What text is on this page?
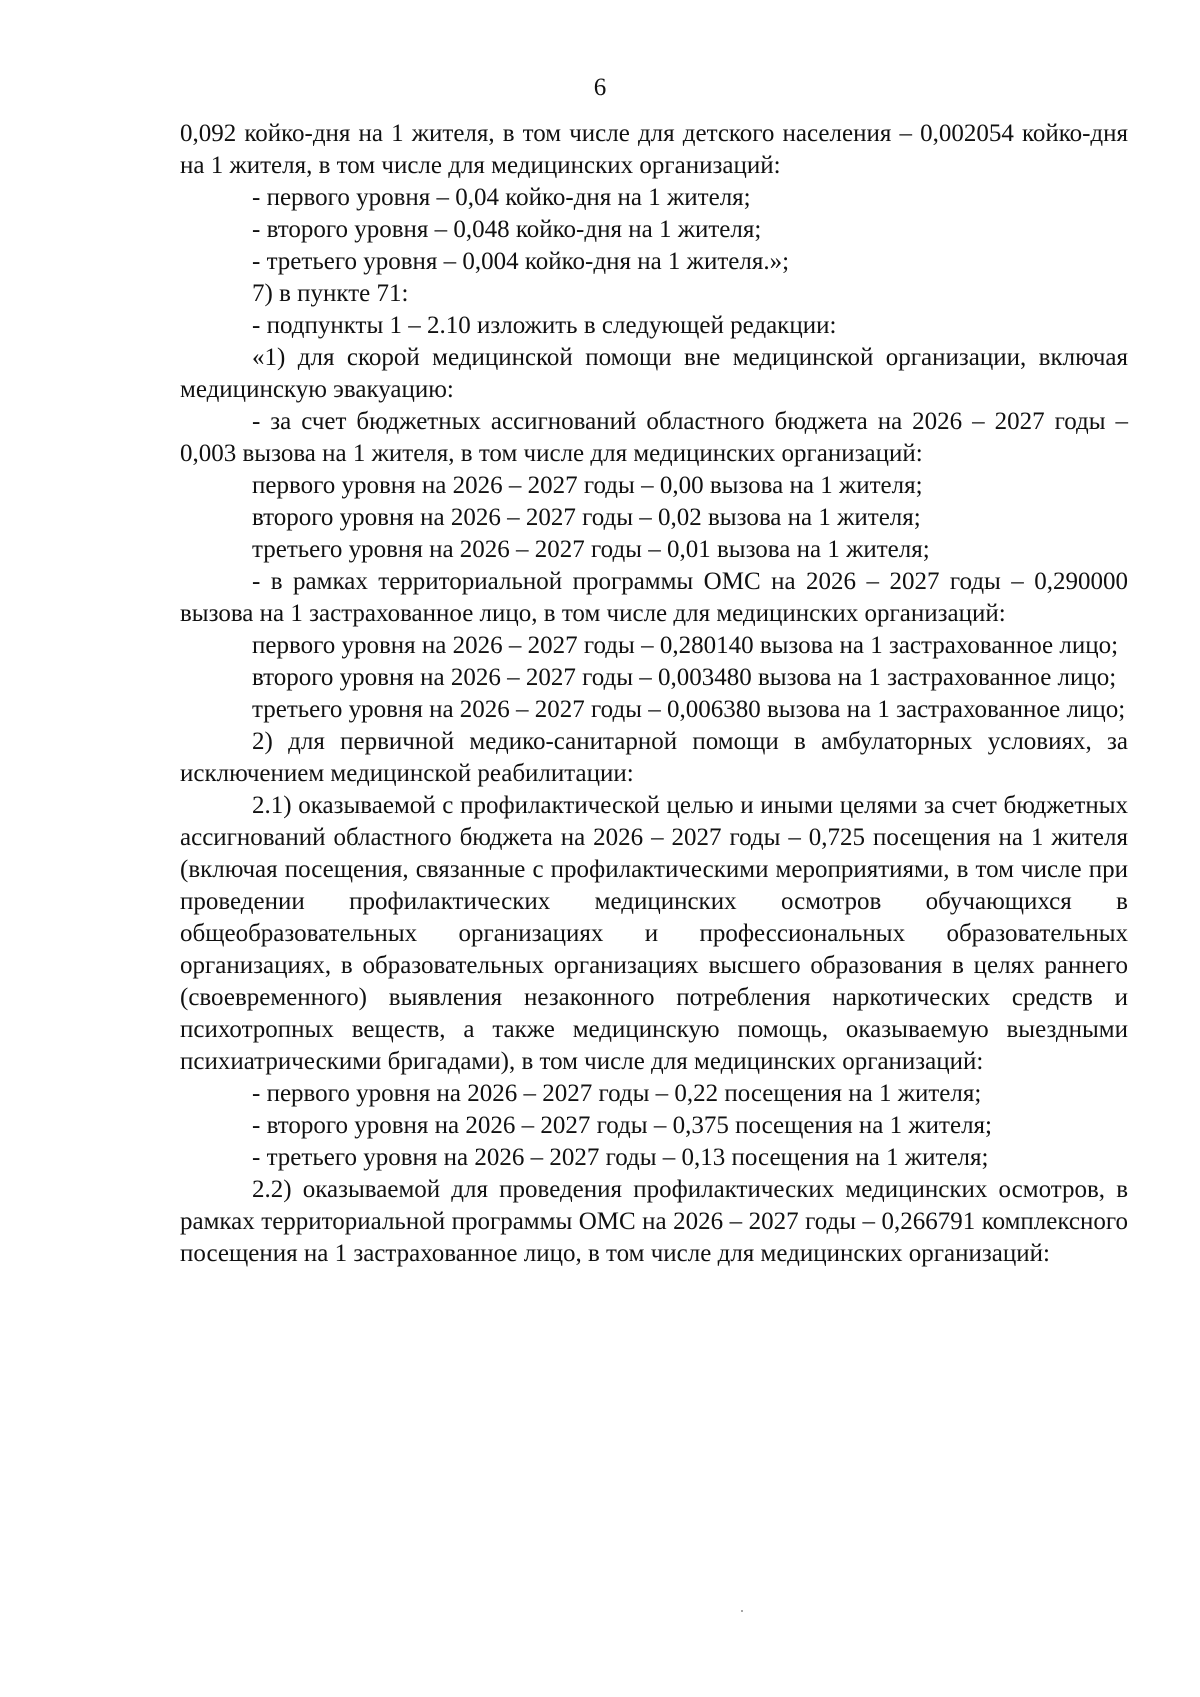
6

0,092 койко-дня на 1 жителя, в том числе для детского населения – 0,002054 койко-дня на 1 жителя, в том числе для медицинских организаций:

- первого уровня – 0,04 койко-дня на 1 жителя;

- второго уровня – 0,048 койко-дня на 1 жителя;

- третьего уровня – 0,004 койко-дня на 1 жителя.»;

7) в пункте 71:

- подпункты 1 – 2.10 изложить в следующей редакции:

«1) для скорой медицинской помощи вне медицинской организации, включая медицинскую эвакуацию:

- за счет бюджетных ассигнований областного бюджета на 2026 – 2027 годы – 0,003 вызова на 1 жителя, в том числе для медицинских организаций:

первого уровня на 2026 – 2027 годы – 0,00 вызова на 1 жителя;

второго уровня на 2026 – 2027 годы – 0,02 вызова на 1 жителя;

третьего уровня на 2026 – 2027 годы – 0,01 вызова на 1 жителя;

- в рамках территориальной программы ОМС на 2026 – 2027 годы – 0,290000 вызова на 1 застрахованное лицо, в том числе для медицинских организаций:

первого уровня на 2026 – 2027 годы – 0,280140 вызова на 1 застрахованное лицо;

второго уровня на 2026 – 2027 годы – 0,003480 вызова на 1 застрахованное лицо;

третьего уровня на 2026 – 2027 годы – 0,006380 вызова на 1 застрахованное лицо;

2) для первичной медико-санитарной помощи в амбулаторных условиях, за исключением медицинской реабилитации:

2.1) оказываемой с профилактической целью и иными целями за счет бюджетных ассигнований областного бюджета на 2026 – 2027 годы – 0,725 посещения на 1 жителя (включая посещения, связанные с профилактическими мероприятиями, в том числе при проведении профилактических медицинских осмотров обучающихся в общеобразовательных организациях и профессиональных образовательных организациях, в образовательных организациях высшего образования в целях раннего (своевременного) выявления незаконного потребления наркотических средств и психотропных веществ, а также медицинскую помощь, оказываемую выездными психиатрическими бригадами), в том числе для медицинских организаций:

- первого уровня на 2026 – 2027 годы – 0,22 посещения на 1 жителя;

- второго уровня на 2026 – 2027 годы – 0,375 посещения на 1 жителя;

- третьего уровня на 2026 – 2027 годы – 0,13 посещения на 1 жителя;

2.2) оказываемой для проведения профилактических медицинских осмотров, в рамках территориальной программы ОМС на 2026 – 2027 годы – 0,266791 комплексного посещения на 1 застрахованное лицо, в том числе для медицинских организаций:
